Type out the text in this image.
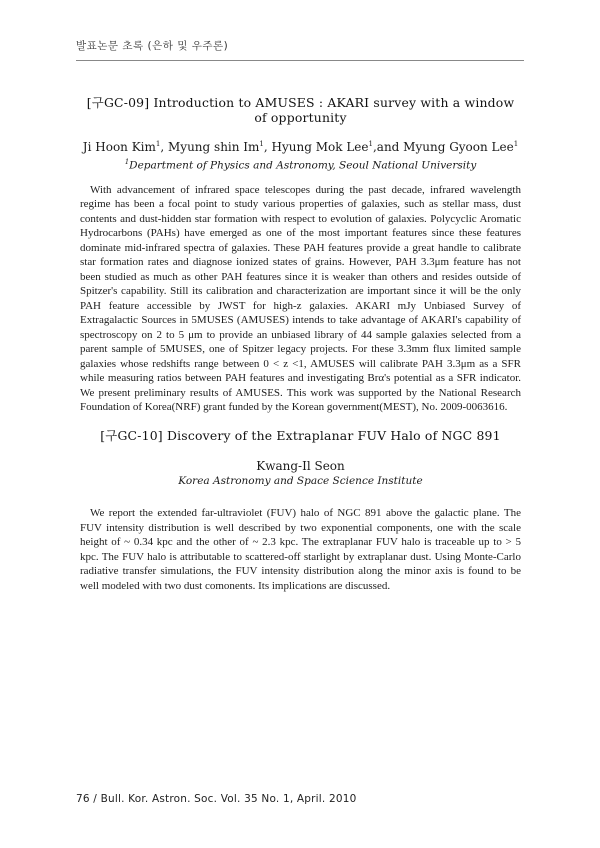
발표논문 초록 (은하 및 우주론)
[구GC-09] Introduction to AMUSES : AKARI survey with a window of opportunity

Ji Hoon Kim$^1$, Myung shin Im$^1$, Hyung Mok Lee$^1$,and Myung Gyoon Lee$^1$

$^1$Department of Physics and Astronomy, Seoul National University

With advancement of infrared space telescopes during the past decade, infrared wavelength regime has been a focal point to study various properties of galaxies, such as stellar mass, dust contents and dust-hidden star formation with respect to evolution of galaxies. Polycyclic Aromatic Hydrocarbons (PAHs) have emerged as one of the most important features since these features dominate mid-infrared spectra of galaxies. These PAH features provide a great handle to calibrate star formation rates and diagnose ionized states of grains. However, PAH 3.3μm feature has not been studied as much as other PAH features since it is weaker than others and resides outside of Spitzer's capability. Still its calibration and characterization are important since it will be the only PAH feature accessible by JWST for high-z galaxies. AKARI mJy Unbiased Survey of Extragalactic Sources in 5MUSES (AMUSES) intends to take advantage of AKARI's capability of spectroscopy on 2 to 5 μm to provide an unbiased library of 44 sample galaxies selected from a parent sample of 5MUSES, one of Spitzer legacy projects. For these 3.3mm flux limited sample galaxies whose redshifts range between 0 < z <1, AMUSES will calibrate PAH 3.3μm as a SFR while measuring ratios between PAH features and investigating Brα's potential as a SFR indicator. We present preliminary results of AMUSES. This work was supported by the National Research Foundation of Korea(NRF) grant funded by the Korean government(MEST), No. 2009-0063616.

[구GC-10] Discovery of the Extraplanar FUV Halo of NGC 891

Kwang-Il Seon

Korea Astronomy and Space Science Institute

We report the extended far-ultraviolet (FUV) halo of NGC 891 above the galactic plane. The FUV intensity distribution is well described by two exponential components, one with the scale height of ~ 0.34 kpc and the other of ~ 2.3 kpc. The extraplanar FUV halo is traceable up to > 5 kpc. The FUV halo is attributable to scattered-off starlight by extraplanar dust. Using Monte-Carlo radiative transfer simulations, the FUV intensity distribution along the minor axis is found to be well modeled with two dust comonents. Its implications are discussed.

76 / Bull. Kor. Astron. Soc. Vol. 35 No. 1, April. 2010
